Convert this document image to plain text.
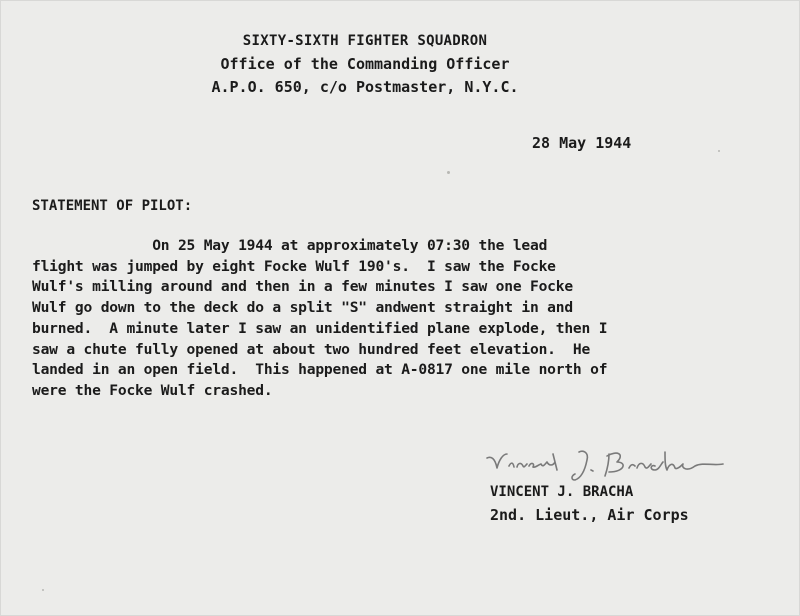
SIXTY-SIXTH FIGHTER SQUADRON
Office of the Commanding Officer
A.P.O. 650, c/o Postmaster, N.Y.C.
28 May 1944
STATEMENT OF PILOT:
On 25 May 1944 at approximately 07:30 the lead
flight was jumped by eight Focke Wulf 190's.  I saw the Focke
Wulf's milling around and then in a few minutes I saw one Focke
Wulf go down to the deck do a split "S" andwent straight in and
burned.  A minute later I saw an unidentified plane explode, then I
saw a chute fully opened at about two hundred feet elevation.  He
landed in an open field.  This happened at A-0817 one mile north of
were the Focke Wulf crashed.
VINCENT J. BRACHA
2nd. Lieut., Air Corps
